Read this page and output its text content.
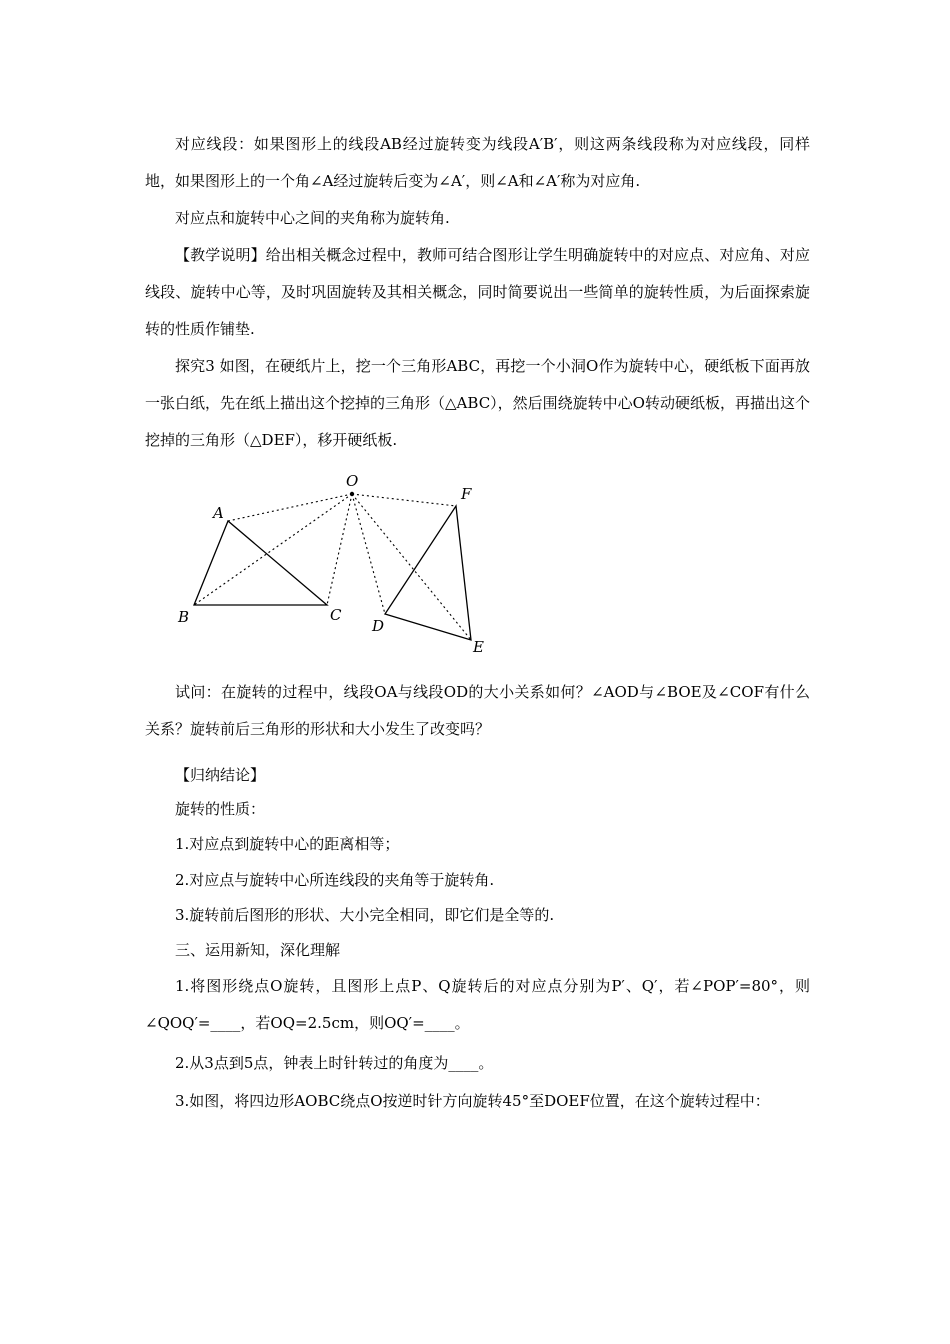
对应线段：如果图形上的线段AB经过旋转变为线段A′B′，则这两条线段称为对应线段，同样地，如果图形上的一个角∠A经过旋转后变为∠A′，则∠A和∠A′称为对应角.

对应点和旋转中心之间的夹角称为旋转角.

【教学说明】给出相关概念过程中，教师可结合图形让学生明确旋转中的对应点、对应角、对应线段、旋转中心等，及时巩固旋转及其相关概念，同时简要说出一些简单的旋转性质，为后面探索旋转的性质作铺垫.

探究3 如图，在硬纸片上，挖一个三角形ABC，再挖一个小洞O作为旋转中心，硬纸板下面再放一张白纸，先在纸上描出这个挖掉的三角形（△ABC），然后围绕旋转中心O转动硬纸板，再描出这个挖掉的三角形（△DEF），移开硬纸板.

O
A
B	C
D
E
F

试问：在旋转的过程中，线段OA与线段OD的大小关系如何？∠AOD与∠BOE及∠COF有什么关系？旋转前后三角形的形状和大小发生了改变吗？

【归纳结论】

旋转的性质：

1.对应点到旋转中心的距离相等；

2.对应点与旋转中心所连线段的夹角等于旋转角.

3.旋转前后图形的形状、大小完全相同，即它们是全等的.

三、运用新知，深化理解

1.将图形绕点O旋转，且图形上点P、Q旋转后的对应点分别为P′、Q′，若∠POP′=80°，则∠QOQ′=____，若OQ=2.5cm，则OQ′=____。

2.从3点到5点，钟表上时针转过的角度为____。

3.如图，将四边形AOBC绕点O按逆时针方向旋转45°至DOEF位置，在这个旋转过程中：
